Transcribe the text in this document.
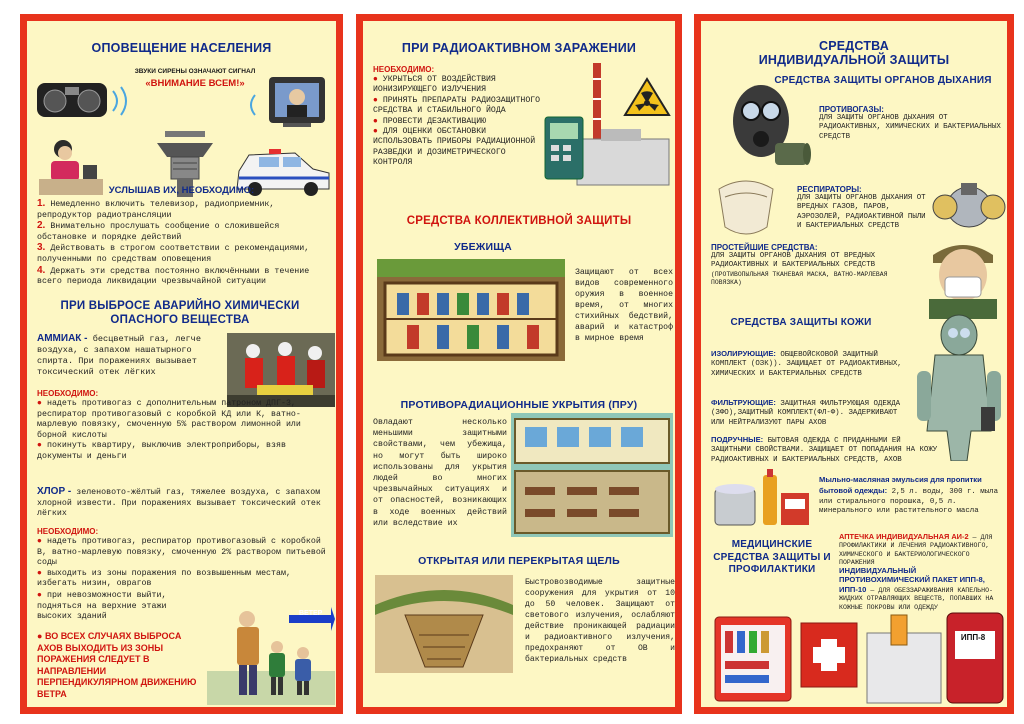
ОПОВЕЩЕНИЕ НАСЕЛЕНИЯ
ЗВУКИ СИРЕНЫ ОЗНАЧАЮТ СИГНАЛ
«ВНИМАНИЕ ВСЕМ!»
УСЛЫШАВ ИХ, НЕОБХОДИМО:
1. Немедленно включить телевизор, радиоприемник, репродуктор радиотрансляции
2. Внимательно прослушать сообщение о сложившейся обстановке и порядке действий
3. Действовать в строгом соответствии с рекомендациями, полученными по средствам оповещения
4. Держать эти средства постоянно включёнными в течение всего периода ликвидации чрезвычайной ситуации
ПРИ ВЫБРОСЕ АВАРИЙНО ХИМИЧЕСКИ ОПАСНОГО ВЕЩЕСТВА
АММИАК - бесцветный газ, легче воздуха, с запахом нашатырного спирта. При поражениях вызывает токсический отек лёгких
НЕОБХОДИМО:
● надеть противогаз с дополнительным патроном ДПГ-3, респиратор противогазовый с коробкой КД или К, ватно-марлевую повязку, смоченную 5% раствором лимонной или борной кислоты
● покинуть квартиру, выключив электроприборы, взяв документы и деньги
ХЛОР - зеленовото-жёлтый газ, тяжелее воздуха, с запахом хлорной извести. При поражениях вызывает токсический отек лёгких
НЕОБХОДИМО:
● надеть противогаз, респиратор противогазовый с коробкой В, ватно-марлевую повязку, смоченную 2% раствором питьевой соды
● выходить из зоны поражения по возвышенным местам, избегать низин, оврагов
● при невозможности выйти, подняться на верхние этажи высоких зданий
● ВО ВСЕХ СЛУЧАЯХ ВЫБРОСА АХОВ ВЫХОДИТЬ ИЗ ЗОНЫ ПОРАЖЕНИЯ СЛЕДУЕТ В НАПРАВЛЕНИИ ПЕРПЕНДИКУЛЯРНОМ ДВИЖЕНИЮ ВЕТРА
ВЕТЕР
ПРИ РАДИОАКТИВНОМ ЗАРАЖЕНИИ
НЕОБХОДИМО:
● УКРЫТЬСЯ ОТ ВОЗДЕЙСТВИЯ ИОНИЗИРУЮЩЕГО ИЗЛУЧЕНИЯ
● ПРИНЯТЬ ПРЕПАРАТЫ РАДИОЗАЩИТНОГО СРЕДСТВА И СТАБИЛЬНОГО ЙОДА
● ПРОВЕСТИ ДЕЗАКТИВАЦИЮ
● ДЛЯ ОЦЕНКИ ОБСТАНОВКИ ИСПОЛЬЗОВАТЬ ПРИБОРЫ РАДИАЦИОННОЙ РАЗВЕДКИ И ДОЗИМЕТРИЧЕСКОГО КОНТРОЛЯ
СРЕДСТВА КОЛЛЕКТИВНОЙ ЗАЩИТЫ
УБЕЖИЩА
Защищают от всех видов современного оружия в военное время, от многих стихийных бедствий, аварий и катастроф в мирное время
ПРОТИВОРАДИАЦИОННЫЕ УКРЫТИЯ (ПРУ)
Овладают несколько меньшими защитными свойствами, чем убежища, но могут быть широко использованы для укрытия людей во многих чрезвычайных ситуациях и от опасностей, возникающих в ходе военных действий или вследствие их
ОТКРЫТАЯ ИЛИ ПЕРЕКРЫТАЯ ЩЕЛЬ
Быстровозводимые защитные сооружения для укрытия от 10 до 50 человек. Защищают от светового излучения, ослабляют действие проникающей радиации и радиоактивного излучения, предохраняют от ОВ и бактериальных средств
СРЕДСТВА
ИНДИВИДУАЛЬНОЙ ЗАЩИТЫ
СРЕДСТВА ЗАЩИТЫ ОРГАНОВ ДЫХАНИЯ
ПРОТИВОГАЗЫ:
ДЛЯ ЗАЩИТЫ ОРГАНОВ ДЫХАНИЯ ОТ РАДИОАКТИВНЫХ, ХИМИЧЕСКИХ И БАКТЕРИАЛЬНЫХ СРЕДСТВ
РЕСПИРАТОРЫ:
ДЛЯ ЗАЩИТЫ ОРГАНОВ ДЫХАНИЯ ОТ ВРЕДНЫХ ГАЗОВ, ПАРОВ, АЭРОЗОЛЕЙ, РАДИОАКТИВНОЙ ПЫЛИ И БАКТЕРИАЛЬНЫХ СРЕДСТВ
ПРОСТЕЙШИЕ СРЕДСТВА:
ДЛЯ ЗАЩИТЫ ОРГАНОВ ДЫХАНИЯ ОТ ВРЕДНЫХ РАДИОАКТИВНЫХ И БАКТЕРИАЛЬНЫХ СРЕДСТВ
(ПРОТИВОПЫЛЬНАЯ ТКАНЕВАЯ МАСКА, ВАТНО-МАРЛЕВАЯ ПОВЯЗКА)
СРЕДСТВА ЗАЩИТЫ КОЖИ
ИЗОЛИРУЮЩИЕ: ОБЩЕВОЙСКОВОЙ ЗАЩИТНЫЙ КОМПЛЕКТ (ОЗК)). ЗАЩИЩАЕТ ОТ РАДИОАКТИВНЫХ, ХИМИЧЕСКИХ И БАКТЕРИАЛЬНЫХ СРЕДСТВ
ФИЛЬТРУЮЩИЕ: ЗАЩИТНАЯ ФИЛЬТРУЮЩАЯ ОДЕЖДА (ЗФО),ЗАЩИТНЫЙ КОМПЛЕКТ(ФЛ-Ф). ЗАДЕРЖИВАЮТ ИЛИ НЕЙТРАЛИЗУЮТ ПАРЫ АХОВ
ПОДРУЧНЫЕ: БЫТОВАЯ ОДЕЖДА С ПРИДАННЫМИ ЕЙ ЗАЩИТНЫМИ СВОЙСТВАМИ. ЗАЩИЩАЕТ ОТ ПОПАДАНИЯ НА КОЖУ РАДИОАКТИВНЫХ И БАКТЕРИАЛЬНЫХ СРЕДСТВ, АХОВ
Мыльно-масляная эмульсия для пропитки бытовой одежды: 2,5 л. воды, 300 г. мыла или стирального порошка, 0,5 л. минерального или растительного масла
МЕДИЦИНСКИЕ СРЕДСТВА ЗАЩИТЫ И ПРОФИЛАКТИКИ
АПТЕЧКА ИНДИВИДУАЛЬНАЯ АИ-2 — ДЛЯ ПРОФИЛАКТИКИ И ЛЕЧЕНИЯ РАДИОАКТИВНОГО, ХИМИЧЕСКОГО И БАКТЕРИОЛОГИЧЕСКОГО ПОРАЖЕНИЯ
ИНДИВИДУАЛЬНЫЙ ПРОТИВОХИМИЧЕСКИЙ ПАКЕТ ИПП-8, ИПП-10 — ДЛЯ ОБЕЗЗАРАЖИВАНИЯ КАПЕЛЬНО-ЖИДКИХ ОТРАВЛЯЮЩИХ ВЕЩЕСТВ, ПОПАВШИХ НА КОЖНЫЕ ПОКРОВЫ ИЛИ ОДЕЖДУ
ИПП-8
